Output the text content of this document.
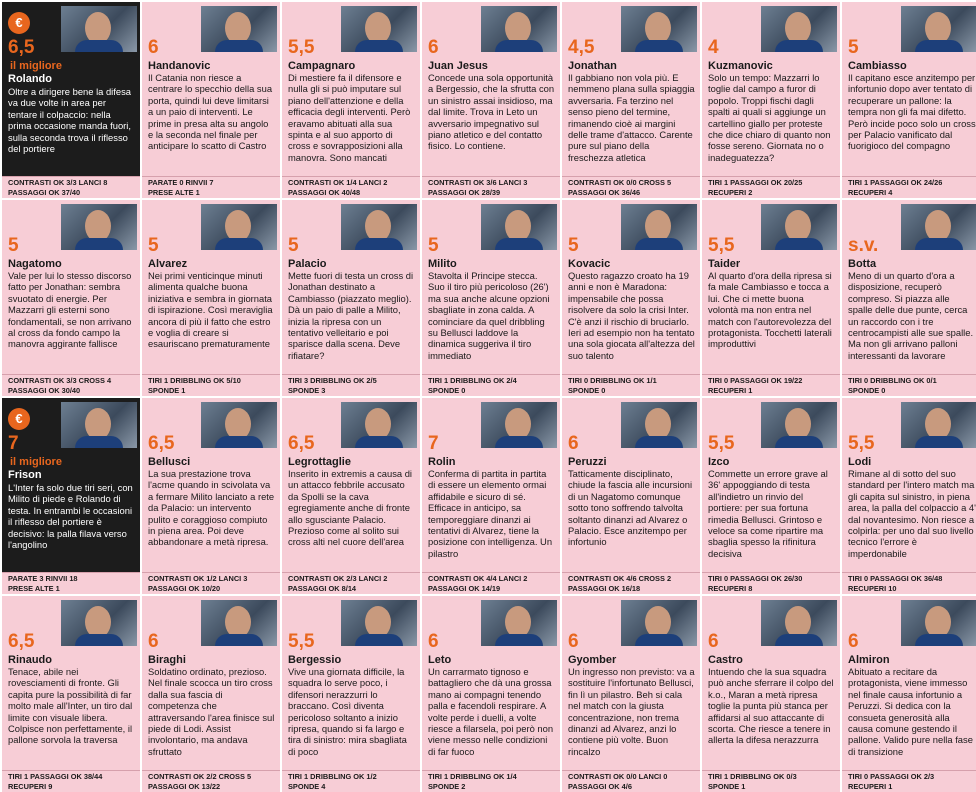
€
6,5
il migliore
Rolando
Oltre a dirigere bene la difesa va due volte in area per tentare il colpaccio: nella prima occasione manda fuori, sulla seconda trova il riflesso del portiere
CONTRASTI OK 3/3 LANCI 8
PASSAGGI OK 37/40
6
Handanovic
Il Catania non riesce a centrare lo specchio della sua porta, quindi lui deve limitarsi a un paio di interventi. Le prime in presa alta su angolo e la seconda nel finale per anticipare lo scatto di Castro
PARATE 0 RINVII 7
PRESE ALTE 1
5,5
Campagnaro
Di mestiere fa il difensore e nulla gli si può imputare sul piano dell'attenzione e della efficacia degli interventi. Però eravamo abituati alla sua spinta e al suo apporto di cross e sovrapposizioni alla manovra. Sono mancati
CONTRASTI OK 1/4 LANCI 2
PASSAGGI OK 40/48
6
Juan Jesus
Concede una sola opportunità a Bergessio, che la sfrutta con un sinistro assai insidioso, ma dal limite. Trova in Leto un avversario impegnativo sul piano atletico e del contatto fisico. Lo contiene.
CONTRASTI OK 3/6 LANCI 3
PASSAGGI OK 28/39
4,5
Jonathan
Il gabbiano non vola più. E nemmeno plana sulla spiaggia avversaria. Fa terzino nel senso pieno del termine, rimanendo cioè ai margini delle trame d'attacco. Carente pure sul piano della freschezza atletica
CONTRASTI OK 0/0 CROSS 5
PASSAGGI OK 36/46
4
Kuzmanovic
Solo un tempo: Mazzarri lo toglie dal campo a furor di popolo. Troppi fischi dagli spalti ai quali si aggiunge un cartellino giallo per proteste che dice chiaro di quanto non fosse sereno. Giornata no o inadeguatezza?
TIRI 1 PASSAGGI OK 20/25
RECUPERI 2
5
Cambiasso
Il capitano esce anzitempo per infortunio dopo aver tentato di recuperare un pallone: la tempra non gli fa mai difetto. Però incide poco solo un cross per Palacio vanificato dal fuorigioco del compagno
TIRI 1 PASSAGGI OK 24/26
RECUPERI 4
5
Nagatomo
Vale per lui lo stesso discorso fatto per Jonathan: sembra svuotato di energie. Per Mazzarri gli esterni sono fondamentali, se non arrivano al cross da fondo campo la manovra aggirante fallisce
CONTRASTI OK 3/3 CROSS 4
PASSAGGI OK 30/40
5
Alvarez
Nei primi venticinque minuti alimenta qualche buona iniziativa e sembra in giornata di ispirazione. Così meravigliа ancora di più il fatto che estro e voglia di creare si esauriscano prematuramente
TIRI 1 DRIBBLING OK 5/10
SPONDE 1
5
Palacio
Mette fuori di testa un cross di Jonathan destinato a Cambiasso (piazzato meglio). Dà un paio di palle a Milito, inizia la ripresa con un tentativo velleitario e poi sparisce dalla scena. Deve rifiatare?
TIRI 3 DRIBBLING OK 2/5
SPONDE 3
5
Milito
Stavolta il Principe stecca. Suo il tiro più pericoloso (26') ma sua anche alcune opzioni sbagliate in zona calda. A cominciare da quel dribbling su Bellusci laddove la dinamica suggeriva il tiro immediato
TIRI 1 DRIBBLING OK 2/4
SPONDE 0
5
Kovacic
Questo ragazzo croato ha 19 anni e non è Maradona: impensabile che possa risolvere da solo la crisi Inter. C'è anzi il rischio di bruciarlo. Ieri ad esempio non ha tentato una sola giocata all'altezza del suo talento
TIRI 0 DRIBBLING OK 1/1
SPONDE 0
5,5
Taider
Al quarto d'ora della ripresa si fa male Cambiasso e tocca a lui. Che ci mette buona volontà ma non entra nel match con l'autorevolezza del protagonista. Tocchetti laterali improduttivi
TIRI 0 PASSAGGI OK 19/22
RECUPERI 1
s.v.
Botta
Meno di un quarto d'ora a disposizione, recuperò compreso. Si piazza alle spalle delle due punte, cerca un raccordo con i tre centrocampisti alle sue spalle. Ma non gli arrivano palloni interessanti da lavorare
TIRI 0 DRIBBLING OK 0/1
SPONDE 0
€
7
il migliore
Frison
L'Inter fa solo due tiri seri, con Milito di piede e Rolando di testa. In entrambi le occasioni il riflesso del portiere è decisivo: la palla filava verso l'angolino
PARATE 3 RINVII 18
PRESE ALTE 1
6,5
Bellusci
La sua prestazione trova l'acme quando in scivolata va a fermare Milito lanciato a rete da Palacio: un intervento pulito e coraggioso compiuto in piena area. Poi deve abbandonare a metà ripresa.
CONTRASTI OK 1/2 LANCI 3
PASSAGGI OK 10/20
6,5
Legrottaglie
Inserito in extremis a causa di un attacco febbrile accusato da Spolli se la cava egregiamente anche di fronte allo sgusciante Palacio. Prezioso come al solito sui cross alti nel cuore dell'area
CONTRASTI OK 2/3 LANCI 2
PASSAGGI OK 8/14
7
Rolin
Conferma di partita in partita di essere un elemento ormai affidabile e sicuro di sé. Efficace in anticipo, sa temporeggiare dinanzi ai tentativi di Alvarez, tiene la posizione con intelligenza. Un pilastro
CONTRASTI OK 4/4 LANCI 2
PASSAGGI OK 14/19
6
Peruzzi
Tatticamente disciplinato, chiude la fascia alle incursioni di un Nagatomo comunque sotto tono soffrendo talvolta soltanto dinanzi ad Alvarez o Palacio. Esce anzitempo per infortunio
CONTRASTI OK 4/6 CROSS 2
PASSAGGI OK 16/18
5,5
Izco
Commette un errore grave al 36' appoggiando di testa all'indietro un rinvio del portiere: per sua fortuna rimedia Bellusci. Grintoso e veloce sa come ripartire ma sbaglia spesso la rifinitura decisiva
TIRI 0 PASSAGGI OK 26/30
RECUPERI 8
5,5
Lodi
Rimane al di sotto del suo standard per l'intero match ma gli capita sul sinistro, in piena area, la palla del colpaccio a 4' dal novantesimo. Non riesce a colpirla: per uno dal suo livello tecnico l'errore è imperdonabile
TIRI 0 PASSAGGI OK 36/48
RECUPERI 10
6,5
Rinaudo
Tenace, abile nei rovesciamenti di fronte. Gli capita pure la possibilità di far molto male all'Inter, un tiro dal limite con visuale libera. Colpisce non perfettamente, il pallone sorvola la traversa
TIRI 1 PASSAGGI OK 38/44
RECUPERI 9
6
Biraghi
Soldatino ordinato, prezioso. Nel finale scocca un tiro cross dalla sua fascia di competenza che attraversando l'area finisce sul piede di Lodi. Assist involontario, ma andava sfruttato
CONTRASTI OK 2/2 CROSS 5
PASSAGGI OK 13/22
5,5
Bergessio
Vive una giornata difficile, la squadra lo serve poco, i difensori nerazzurri lo braccano. Così diventa pericoloso soltanto a inizio ripresa, quando si fa largo e tira di sinistro: mira sbagliata di poco
TIRI 1 DRIBBLING OK 1/2
SPONDE 4
6
Leto
Un carrarmato tignoso e battagliero che dà una grossa mano ai compagni tenendo palla e facendoli respirare. A volte perde i duelli, a volte riesce a filarsela, poi però non viene messo nelle condizioni di far fuoco
TIRI 1 DRIBBLING OK 1/4
SPONDE 2
6
Gyomber
Un ingresso non previsto: va a sostituire l'infortunato Bellusci, fin lì un pilastro. Beh si cala nel match con la giusta concentrazione, non trema dinanzi ad Alvarez, anzi lo contiene più volte. Buon rincalzo
CONTRASTI OK 0/0 LANCI 0
PASSAGGI OK 4/6
6
Castro
Intuendo che la sua squadra può anche sferrare il colpo del k.o., Maran a metà ripresa toglie la punta più stanca per affidarsi al suo attaccante di scorta. Che riesce a tenere in allerta la difesa nerazzurra
TIRI 1 DRIBBLING OK 0/3
SPONDE 1
6
Almiron
Abituato a recitare da protagonista, viene immesso nel finale causa infortunio a Peruzzi. Si dedica con la consueta generosità alla causa comune gestendo il pallone. Valido pure nella fase di transizione
TIRI 0 PASSAGGI OK 2/3
RECUPERI 1
